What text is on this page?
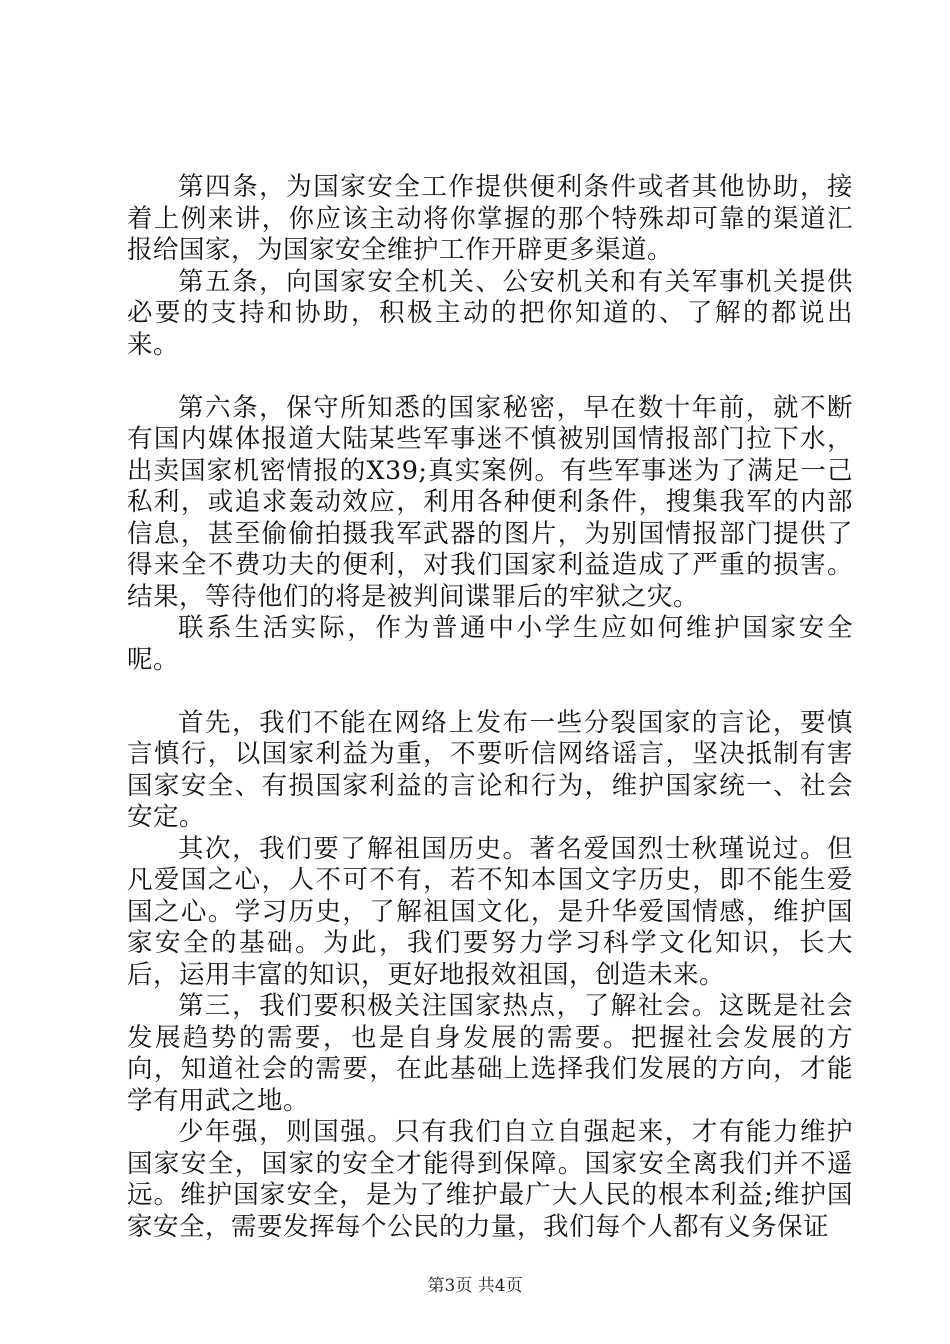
第四条，为国家安全工作提供便利条件或者其他协助，接着上例来讲，你应该主动将你掌握的那个特殊却可靠的渠道汇报给国家，为国家安全维护工作开辟更多渠道。

第五条，向国家安全机关、公安机关和有关军事机关提供必要的支持和协助，积极主动的把你知道的、了解的都说出来。

第六条，保守所知悉的国家秘密，早在数十年前，就不断有国内媒体报道大陆某些军事迷不慎被别国情报部门拉下水，出卖国家机密情报的X39;真实案例。有些军事迷为了满足一己私利，或追求轰动效应，利用各种便利条件，搜集我军的内部信息，甚至偷偷拍摄我军武器的图片，为别国情报部门提供了得来全不费功夫的便利，对我们国家利益造成了严重的损害。结果，等待他们的将是被判间谍罪后的牢狱之灾。

联系生活实际，作为普通中小学生应如何维护国家安全呢。

首先，我们不能在网络上发布一些分裂国家的言论，要慎言慎行，以国家利益为重，不要听信网络谣言，坚决抵制有害国家安全、有损国家利益的言论和行为，维护国家统一、社会安定。

其次，我们要了解祖国历史。著名爱国烈士秋瑾说过。但凡爱国之心，人不可不有，若不知本国文字历史，即不能生爱国之心。学习历史，了解祖国文化，是升华爱国情感，维护国家安全的基础。为此，我们要努力学习科学文化知识，长大后，运用丰富的知识，更好地报效祖国，创造未来。

第三，我们要积极关注国家热点，了解社会。这既是社会发展趋势的需要，也是自身发展的需要。把握社会发展的方向，知道社会的需要，在此基础上选择我们发展的方向，才能学有用武之地。

少年强，则国强。只有我们自立自强起来，才有能力维护国家安全，国家的安全才能得到保障。国家安全离我们并不遥远。维护国家安全，是为了维护最广大人民的根本利益;维护国家安全，需要发挥每个公民的力量，我们每个人都有义务保证

第3页 共4页
